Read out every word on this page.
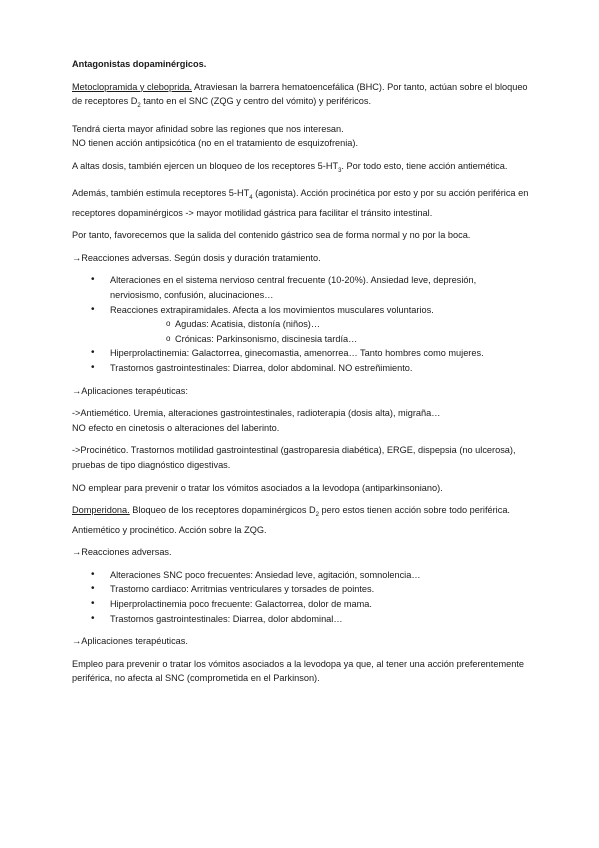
Antagonistas dopaminérgicos.

Metoclopramida y cleboprida. Atraviesan la barrera hematoencefálica (BHC). Por tanto, actúan sobre el bloqueo de receptores $D_2$ tanto en el SNC (ZQG y centro del vómito) y periféricos.

Tendrá cierta mayor afinidad sobre las regiones que nos interesan.
NO tienen acción antipsicótica (no en el tratamiento de esquizofrenia).

A altas dosis, también ejercen un bloqueo de los receptores $5-HT_3$. Por todo esto, tiene acción antiemética.

Además, también estimula receptores $5-HT_4$ (agonista). Acción procinética por esto y por su acción periférica en receptores dopaminérgicos -> mayor motilidad gástrica para facilitar el tránsito intestinal.

Por tanto, favorecemos que la salida del contenido gástrico sea de forma normal y no por la boca.

→Reacciones adversas. Según dosis y duración tratamiento.

• Alteraciones en el sistema nervioso central frecuente (10-20%). Ansiedad leve, depresión, nerviosismo, confusión, alucinaciones…
• Reacciones extrapiramidales. Afecta a los movimientos musculares voluntarios.
o Agudas: Acatisia, distonía (niños)…
o Crónicas: Parkinsonismo, discinesia tardía…
• Hiperprolactinemia: Galactorrea, ginecomastia, amenorrea… Tanto hombres como mujeres.
• Trastornos gastrointestinales: Diarrea, dolor abdominal. NO estreñimiento.

→Aplicaciones terapéuticas:

->Antiemético. Uremia, alteraciones gastrointestinales, radioterapia (dosis alta), migraña…
NO efecto en cinetosis o alteraciones del laberinto.

->Procinético. Trastornos motilidad gastrointestinal (gastroparesia diabética), ERGE, dispepsia (no ulcerosa), pruebas de tipo diagnóstico digestivas.

NO emplear para prevenir o tratar los vómitos asociados a la levodopa (antiparkinsoniano).

Domperidona. Bloqueo de los receptores dopaminérgicos $D_2$ pero estos tienen acción sobre todo periférica. Antiemético y procinético. Acción sobre la ZQG.

→Reacciones adversas.

• Alteraciones SNC poco frecuentes: Ansiedad leve, agitación, somnolencia…
• Trastorno cardiaco: Arritmias ventriculares y torsades de pointes.
• Hiperprolactinemia poco frecuente: Galactorrea, dolor de mama.
• Trastornos gastrointestinales: Diarrea, dolor abdominal…

→Aplicaciones terapéuticas.

Empleo para prevenir o tratar los vómitos asociados a la levodopa ya que, al tener una acción preferentemente periférica, no afecta al SNC (comprometida en el Parkinson).
